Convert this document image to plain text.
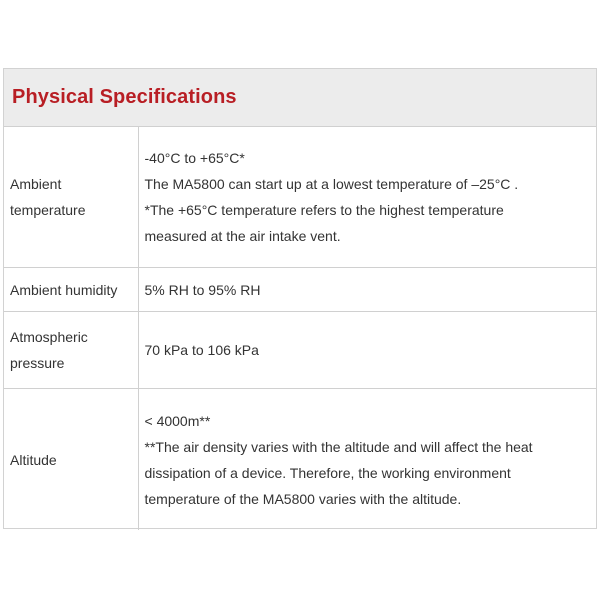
Physical Specifications
Ambient
temperature	-40°C to +65°C*
The MA5800 can start up at a lowest temperature of –25°C .
*The +65°C temperature refers to the highest temperature
measured at the air intake vent.

Ambient humidity	5% RH to 95% RH

Atmospheric
pressure	70 kPa to 106 kPa

Altitude	< 4000m**
**The air density varies with the altitude and will affect the heat
dissipation of a device. Therefore, the working environment
temperature of the MA5800 varies with the altitude.
